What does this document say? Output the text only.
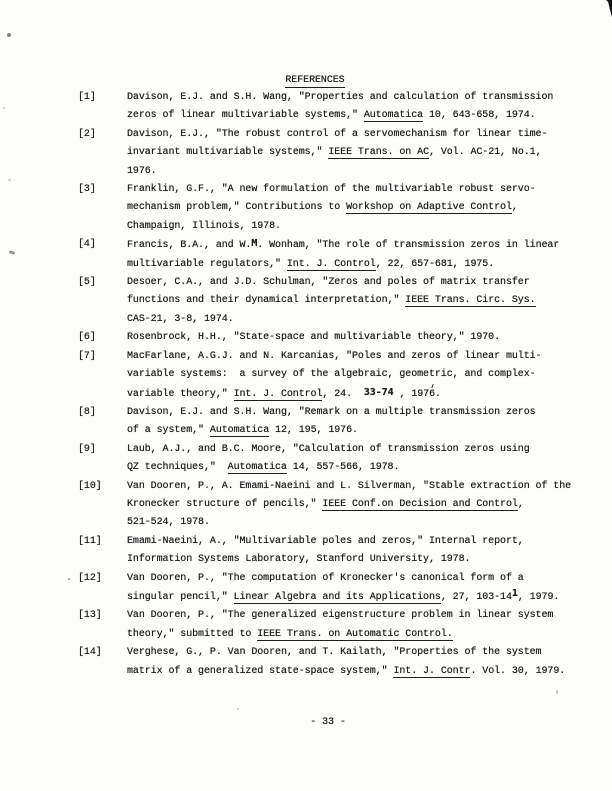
REFERENCES
[1]	Davison, E.J. and S.H. Wang, "Properties and calculation of transmission
zeros of linear multivariable systems," Automatica 10, 643-658, 1974.
[2]	Davison, E.J., "The robust control of a servomechanism for linear time-
invariant multivariable systems," IEEE Trans. on AC, Vol. AC-21, No.1,
1976.
[3]	Franklin, G.F., "A new formulation of the multivariable robust servo-
mechanism problem," Contributions to Workshop on Adaptive Control,
Champaign, Illinois, 1978.
[4]	Francis, B.A., and W.M. Wonham, "The role of transmission zeros in linear
multivariable regulators," Int. J. Control, 22, 657-681, 1975.
[5]	Desoer, C.A., and J.D. Schulman, "Zeros and poles of matrix transfer
functions and their dynamical interpretation," IEEE Trans. Circ. Sys.
CAS-21, 3-8, 1974.
[6]	Rosenbrock, H.H., "State-space and multivariable theory," 1970.
[7]	MacFarlane, A.G.J. and N. Karcanias, "Poles and zeros of linear multi-
variable systems:  a survey of the algebraic, geometric, and complex-
variable theory," Int. J. Control, 24.  33-74 , 1976.
[8]	Davison, E.J. and S.H. Wang, "Remark on a multiple transmission zeros
of a system," Automatica 12, 195, 1976.
[9]	Laub, A.J., and B.C. Moore, "Calculation of transmission zeros using
QZ techniques,"  Automatica 14, 557-566, 1978.
[10]	Van Dooren, P., A. Emami-Naeini and L. Silverman, "Stable extraction of the
Kronecker structure of pencils," IEEE Conf.on Decision and Control,
521-524, 1978.
[11]	Emami-Naeini, A., "Multivariable poles and zeros," Internal report,
Information Systems Laboratory, Stanford University, 1978.
[12]	Van Dooren, P., "The computation of Kronecker's canonical form of a
singular pencil," Linear Algebra and its Applications, 27, 103-141, 1979.
[13]	Van Dooren, P., "The generalized eigenstructure problem in linear system
theory," submitted to IEEE Trans. on Automatic Control.
[14]	Verghese, G., P. Van Dooren, and T. Kailath, "Properties of the system
matrix of a generalized state-space system," Int. J. Contr. Vol. 30, 1979.
- 33 -
